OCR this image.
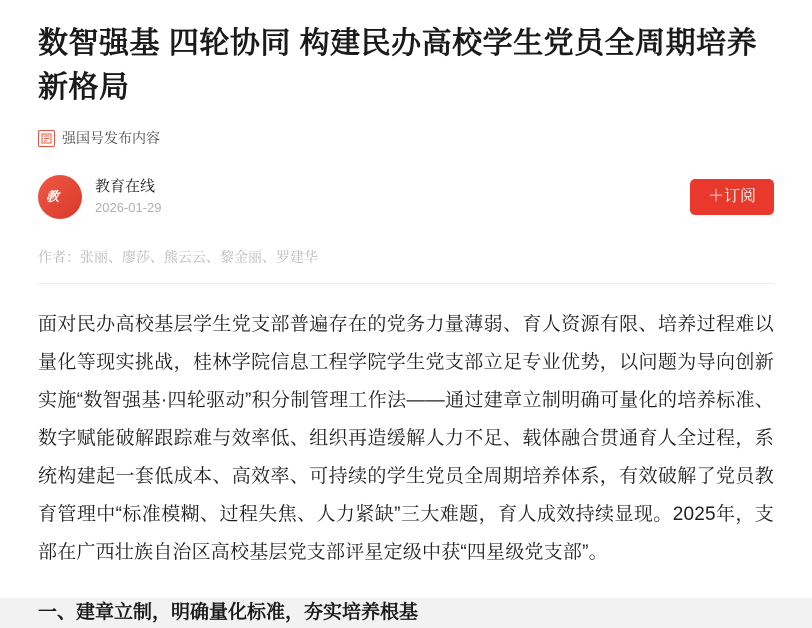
数智强基 四轮协同 构建民办高校学生党员全周期培养新格局
强国号发布内容
教
教育在线
2026-01-29
＋订阅
作者：张丽、廖莎、熊云云、黎金丽、罗建华

面对民办高校基层学生党支部普遍存在的党务力量薄弱、育人资源有限、培养过程难以量化等现实挑战，桂林学院信息工程学院学生党支部立足专业优势，以问题为导向创新实施“数智强基·四轮驱动”积分制管理工作法——通过建章立制明确可量化的培养标准、数字赋能破解跟踪难与效率低、组织再造缓解人力不足、载体融合贯通育人全过程，系统构建起一套低成本、高效率、可持续的学生党员全周期培养体系，有效破解了党员教育管理中“标准模糊、过程失焦、人力紧缺”三大难题，育人成效持续显现。2025年，支部在广西壮族自治区高校基层党支部评星定级中获“四星级党支部”。

一、建章立制，明确量化标准，夯实培养根基
